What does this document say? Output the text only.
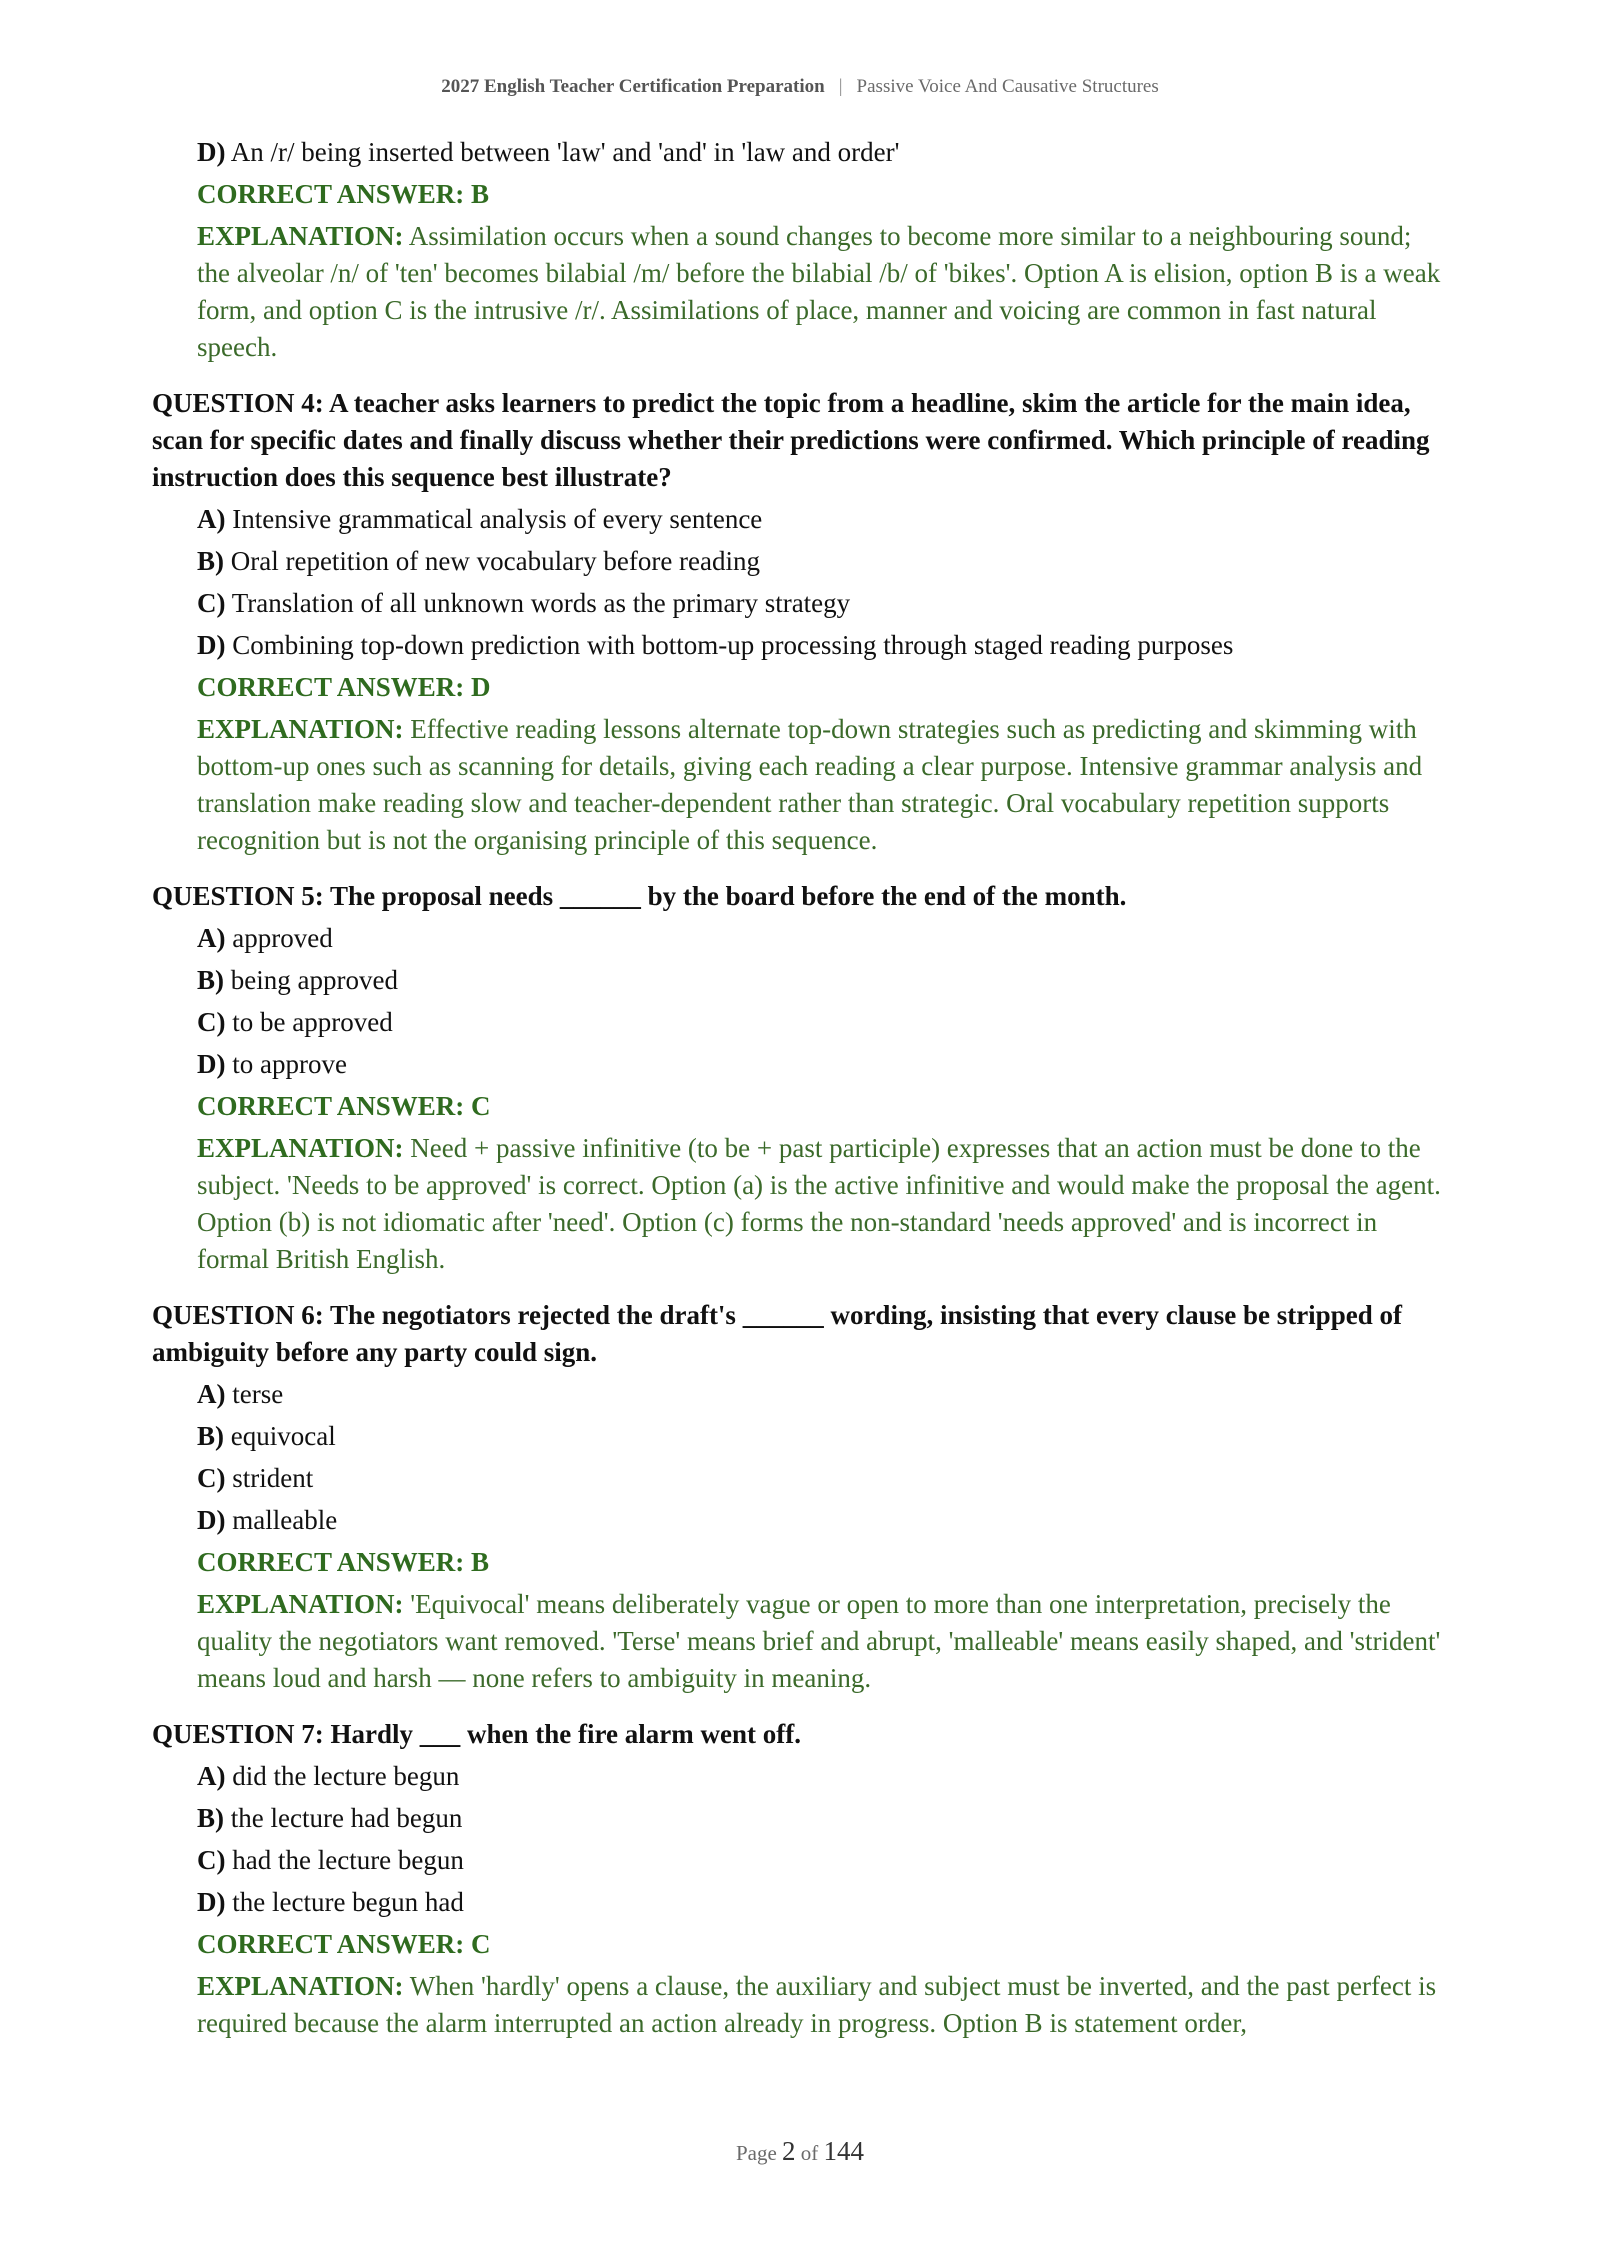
2027 English Teacher Certification Preparation | Passive Voice And Causative Structures
D) An /r/ being inserted between 'law' and 'and' in 'law and order'
CORRECT ANSWER: B
EXPLANATION: Assimilation occurs when a sound changes to become more similar to a neighbouring sound; the alveolar /n/ of 'ten' becomes bilabial /m/ before the bilabial /b/ of 'bikes'. Option A is elision, option B is a weak form, and option C is the intrusive /r/. Assimilations of place, manner and voicing are common in fast natural speech.
QUESTION 4: A teacher asks learners to predict the topic from a headline, skim the article for the main idea, scan for specific dates and finally discuss whether their predictions were confirmed. Which principle of reading instruction does this sequence best illustrate?
A) Intensive grammatical analysis of every sentence
B) Oral repetition of new vocabulary before reading
C) Translation of all unknown words as the primary strategy
D) Combining top-down prediction with bottom-up processing through staged reading purposes
CORRECT ANSWER: D
EXPLANATION: Effective reading lessons alternate top-down strategies such as predicting and skimming with bottom-up ones such as scanning for details, giving each reading a clear purpose. Intensive grammar analysis and translation make reading slow and teacher-dependent rather than strategic. Oral vocabulary repetition supports recognition but is not the organising principle of this sequence.
QUESTION 5: The proposal needs ______ by the board before the end of the month.
A) approved
B) being approved
C) to be approved
D) to approve
CORRECT ANSWER: C
EXPLANATION: Need + passive infinitive (to be + past participle) expresses that an action must be done to the subject. 'Needs to be approved' is correct. Option (a) is the active infinitive and would make the proposal the agent. Option (b) is not idiomatic after 'need'. Option (c) forms the non-standard 'needs approved' and is incorrect in formal British English.
QUESTION 6: The negotiators rejected the draft's ______ wording, insisting that every clause be stripped of ambiguity before any party could sign.
A) terse
B) equivocal
C) strident
D) malleable
CORRECT ANSWER: B
EXPLANATION: 'Equivocal' means deliberately vague or open to more than one interpretation, precisely the quality the negotiators want removed. 'Terse' means brief and abrupt, 'malleable' means easily shaped, and 'strident' means loud and harsh — none refers to ambiguity in meaning.
QUESTION 7: Hardly ___ when the fire alarm went off.
A) did the lecture begun
B) the lecture had begun
C) had the lecture begun
D) the lecture begun had
CORRECT ANSWER: C
EXPLANATION: When 'hardly' opens a clause, the auxiliary and subject must be inverted, and the past perfect is required because the alarm interrupted an action already in progress. Option B is statement order,
Page 2 of 144
